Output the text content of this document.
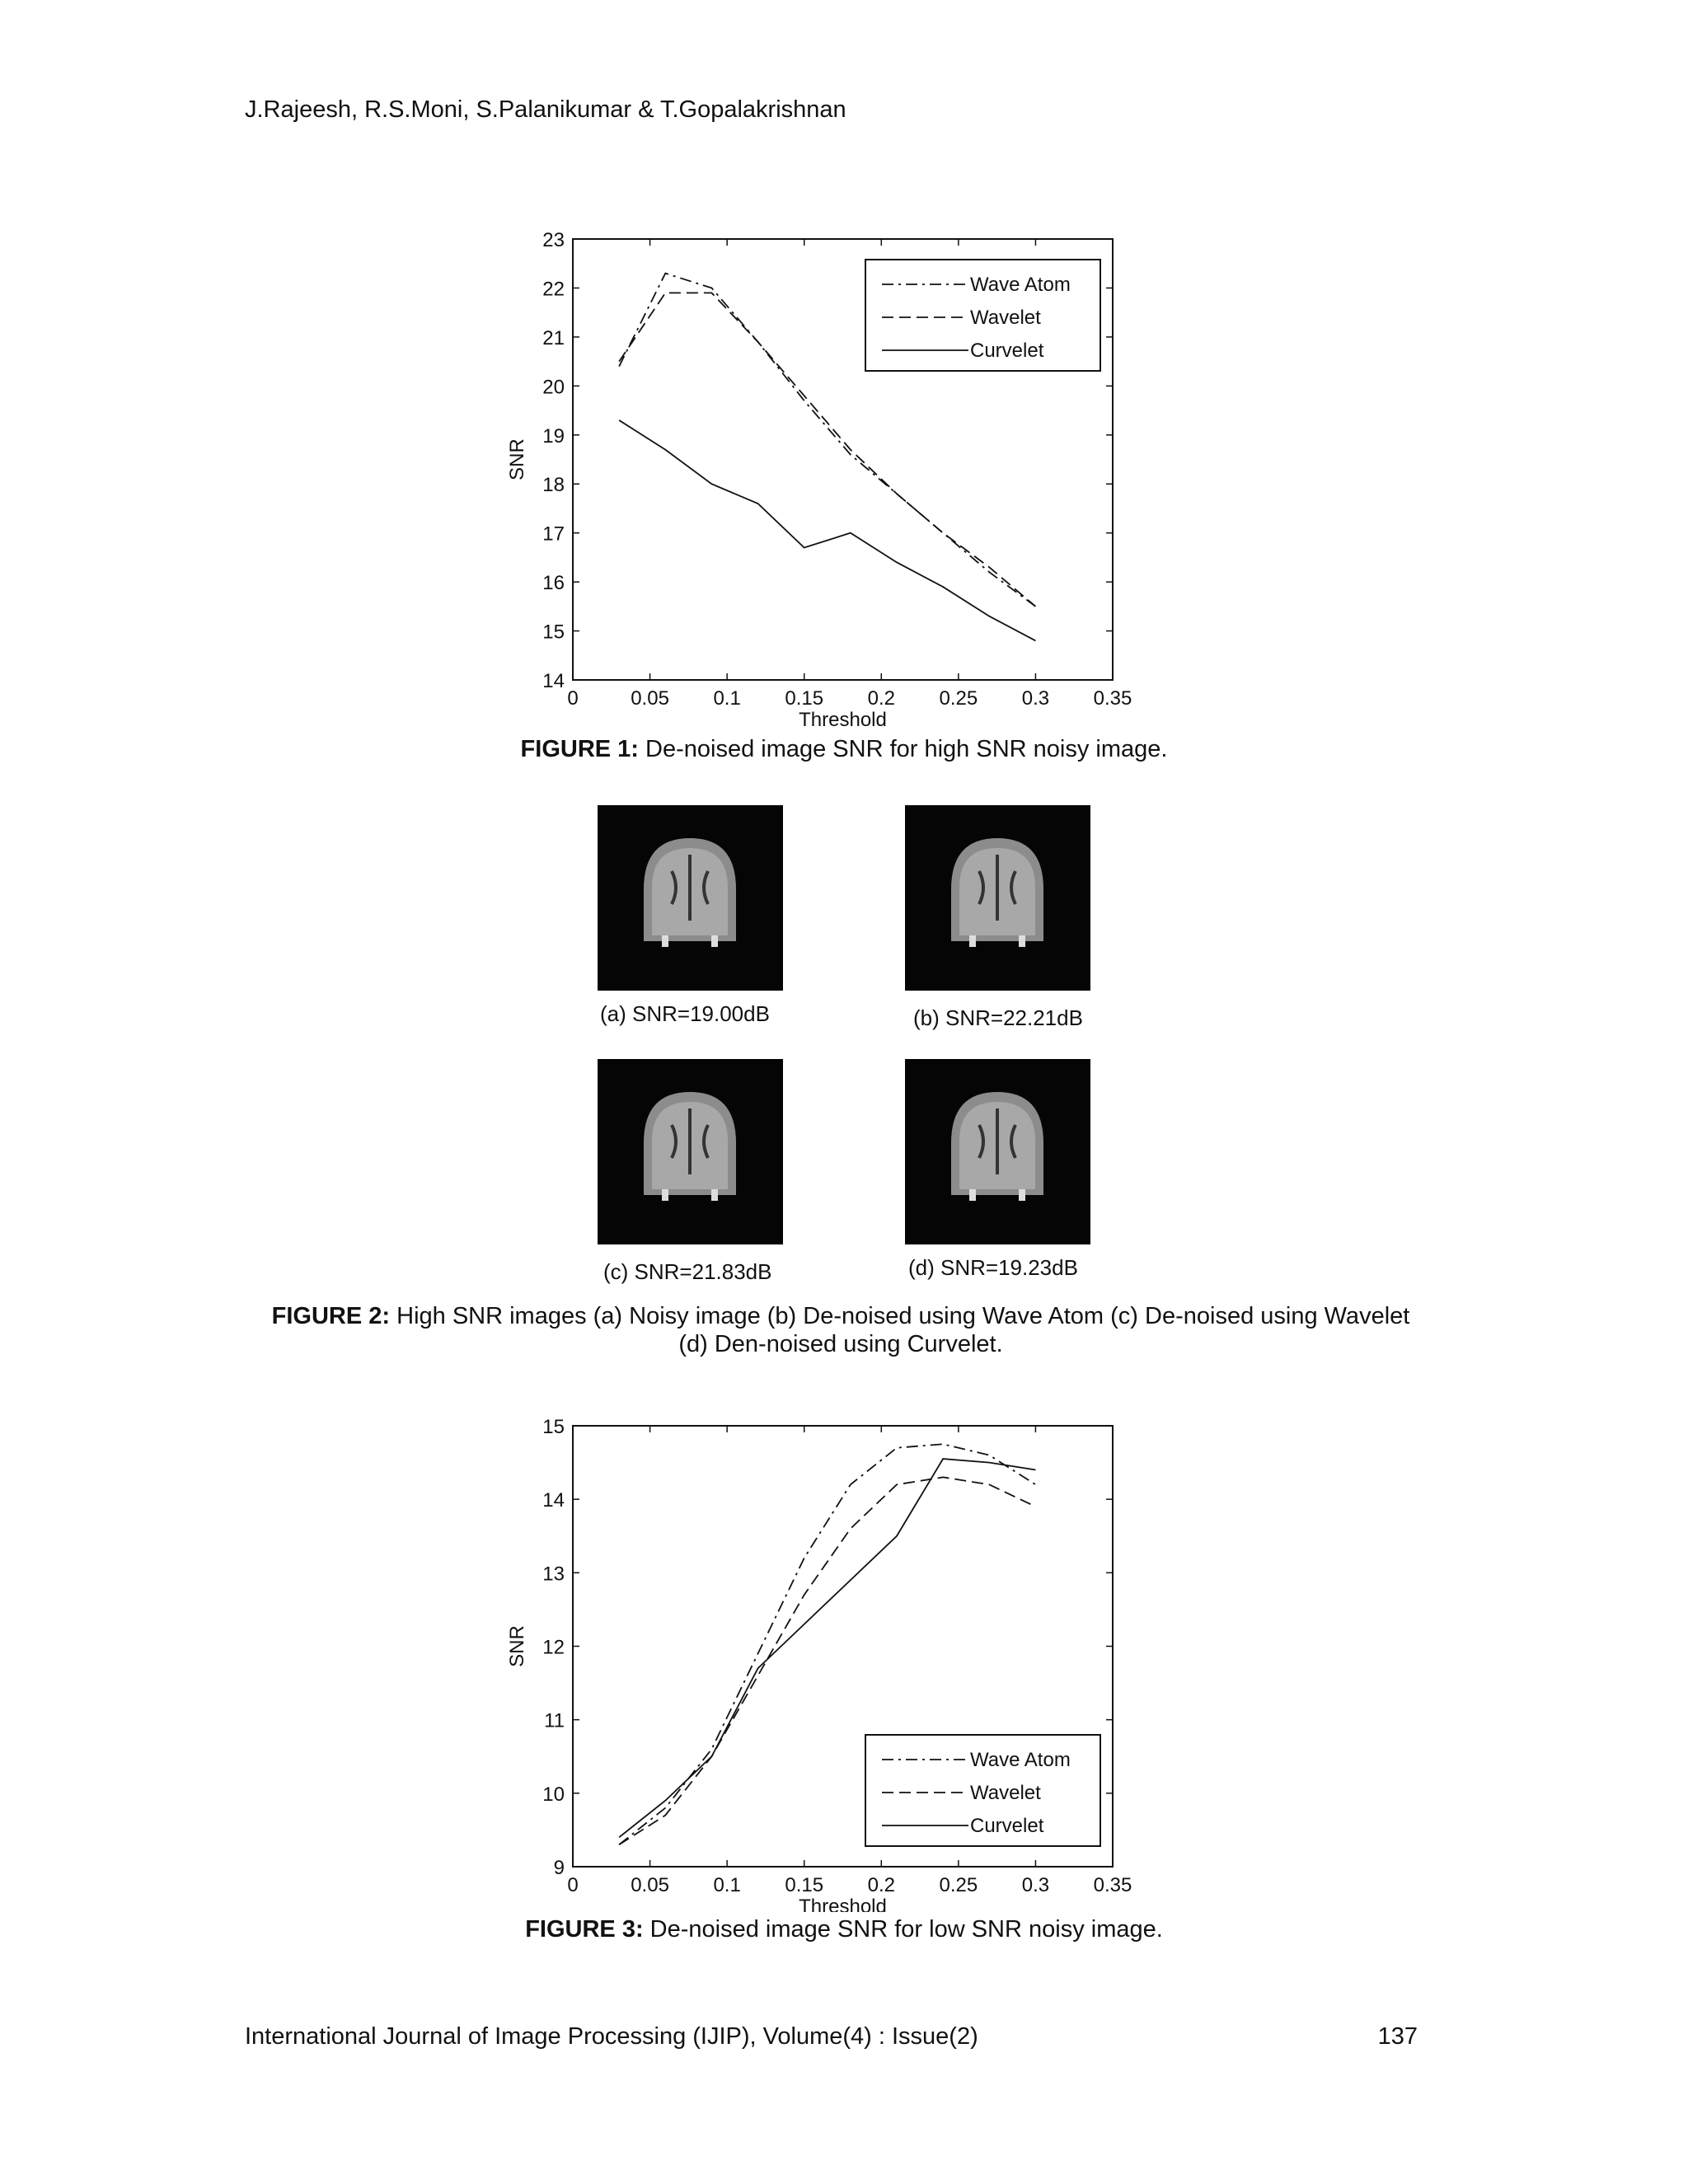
J.Rajeesh, R.S.Moni, S.Palanikumar & T.Gopalakrishnan
0	0.05 0.1 0.15 0.2 0.25 0.3 0.35
14
15
16
17
18
19
20
21
22
23
Threshold
SNR
Wave Atom
Wavelet
Curvelet
FIGURE 1: De-noised image SNR for high SNR noisy image.
(a) SNR=19.00dB	(b) SNR=22.21dB
(c) SNR=21.83dB	(d) SNR=19.23dB
FIGURE 2: High SNR images (a) Noisy image (b) De-noised using Wave Atom (c) De-noised using Wavelet
(d) Den-noised using Curvelet.
0	0.05 0.1 0.15 0.2 0.25 0.3 0.35
9
10
11
12
13
14
15
Threshold
SNR
Wave Atom
Wavelet
Curvelet
FIGURE 3: De-noised image SNR for low SNR noisy image.
International Journal of Image Processing (IJIP), Volume(4) : Issue(2)	137
